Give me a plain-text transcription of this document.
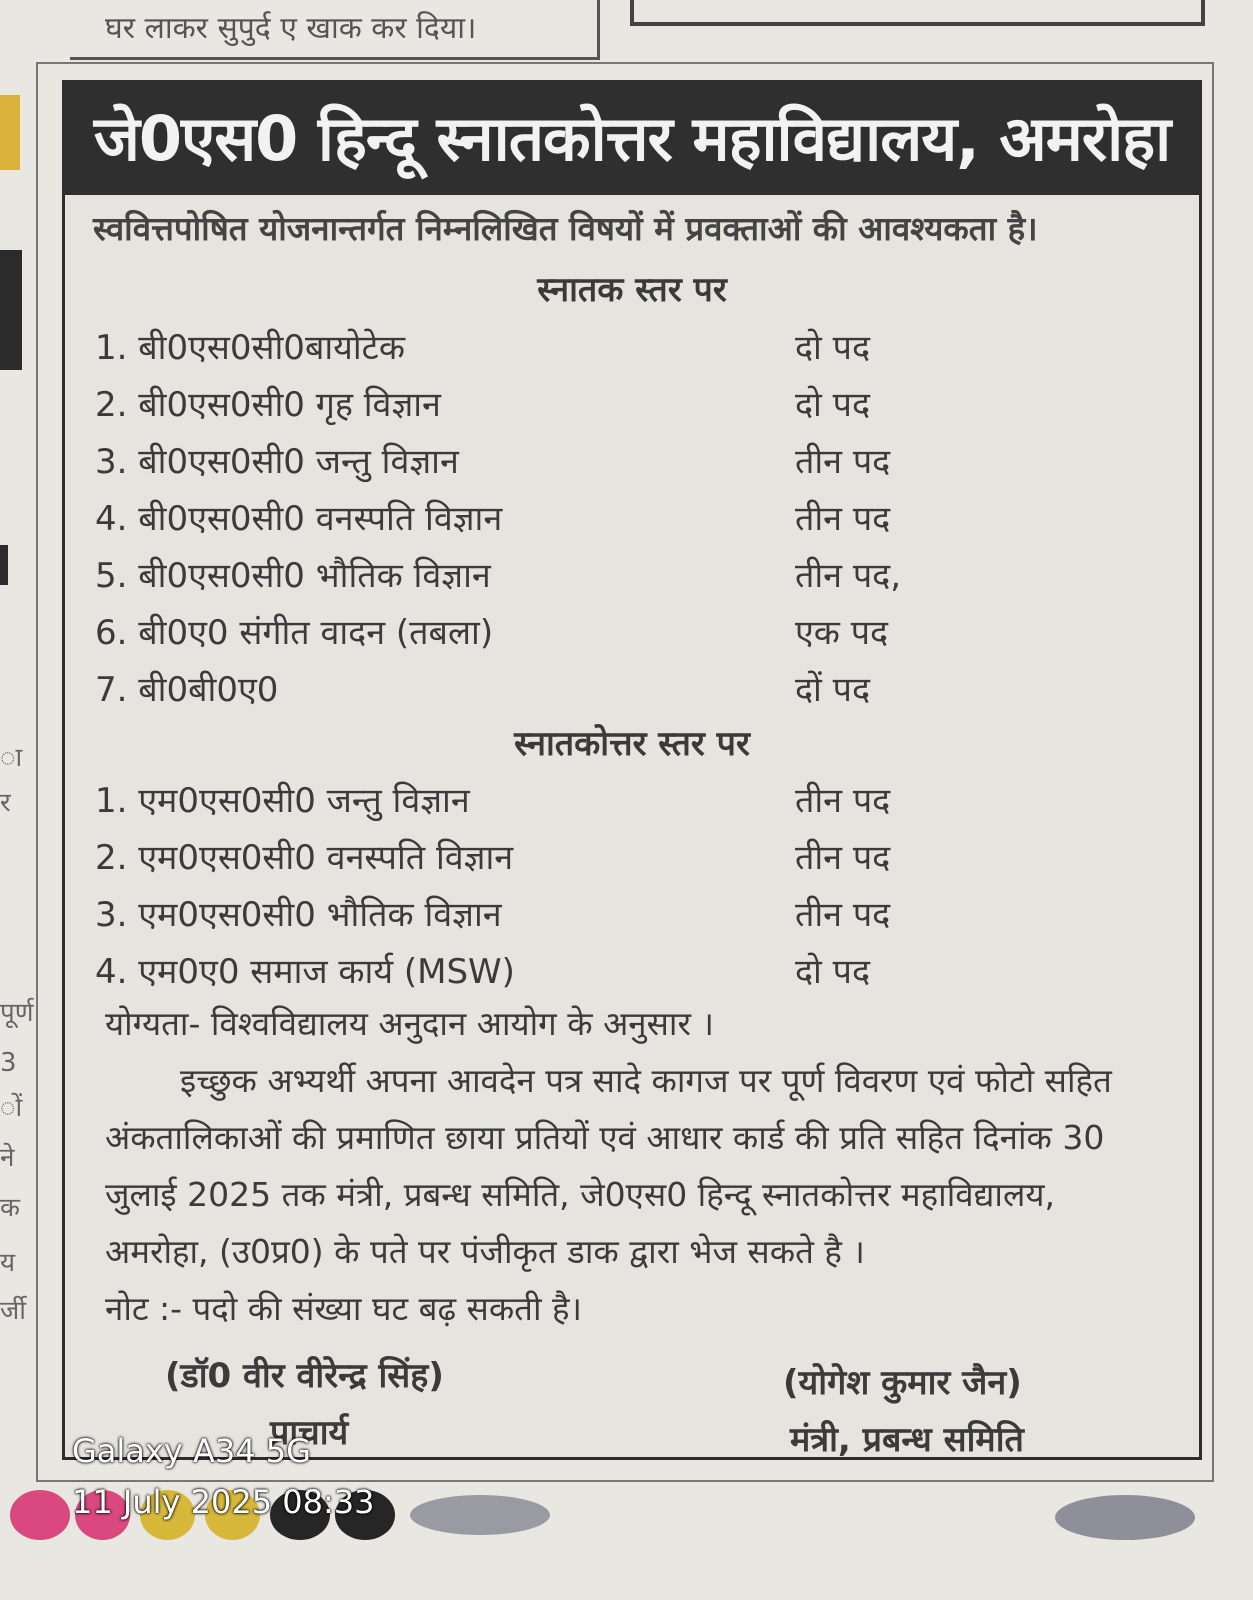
घर लाकर सुपुर्द ए खाक कर दिया।
ा
र
पूर्ण
3
ों
ने
क
य
र्जी
जे0एस0 हिन्दू स्नातकोत्तर महाविद्यालय, अमरोहा
स्ववित्तपोषित योजनान्तर्गत निम्नलिखित विषयों में प्रवक्ताओं की आवश्यकता है।
स्नातक स्तर पर
1. बी0एस0सी0बायोटेक	दो पद
2. बी0एस0सी0 गृह विज्ञान	दो पद
3. बी0एस0सी0 जन्तु विज्ञान	तीन पद
4. बी0एस0सी0 वनस्पति विज्ञान	तीन पद
5. बी0एस0सी0 भौतिक विज्ञान	तीन पद,
6. बी0ए0 संगीत वादन (तबला)	एक पद
7. बी0बी0ए0	दों पद
स्नातकोत्तर स्तर पर
1. एम0एस0सी0 जन्तु विज्ञान	तीन पद
2. एम0एस0सी0 वनस्पति विज्ञान	तीन पद
3. एम0एस0सी0 भौतिक विज्ञान	तीन पद
4. एम0ए0 समाज कार्य (MSW)	दो पद
योग्यता- विश्वविद्यालय अनुदान आयोग के अनुसार ।
इच्छुक अभ्यर्थी अपना आवदेन पत्र सादे कागज पर पूर्ण विवरण एवं फोटो सहित
अंकतालिकाओं की प्रमाणित छाया प्रतियों एवं आधार कार्ड की प्रति सहित दिनांक 30
जुलाई 2025 तक मंत्री, प्रबन्ध समिति, जे0एस0 हिन्दू स्नातकोत्तर महाविद्यालय,
अमरोहा, (उ0प्र0) के पते पर पंजीकृत डाक द्वारा भेज सकते है ।
नोट :- पदो की संख्या घट बढ़ सकती है।
(डॉ0 वीर वीरेन्द्र सिंह)
प्राचार्य
(योगेश कुमार जैन)
मंत्री, प्रबन्ध समिति
Galaxy A34 5G
11 July 2025 08:33
